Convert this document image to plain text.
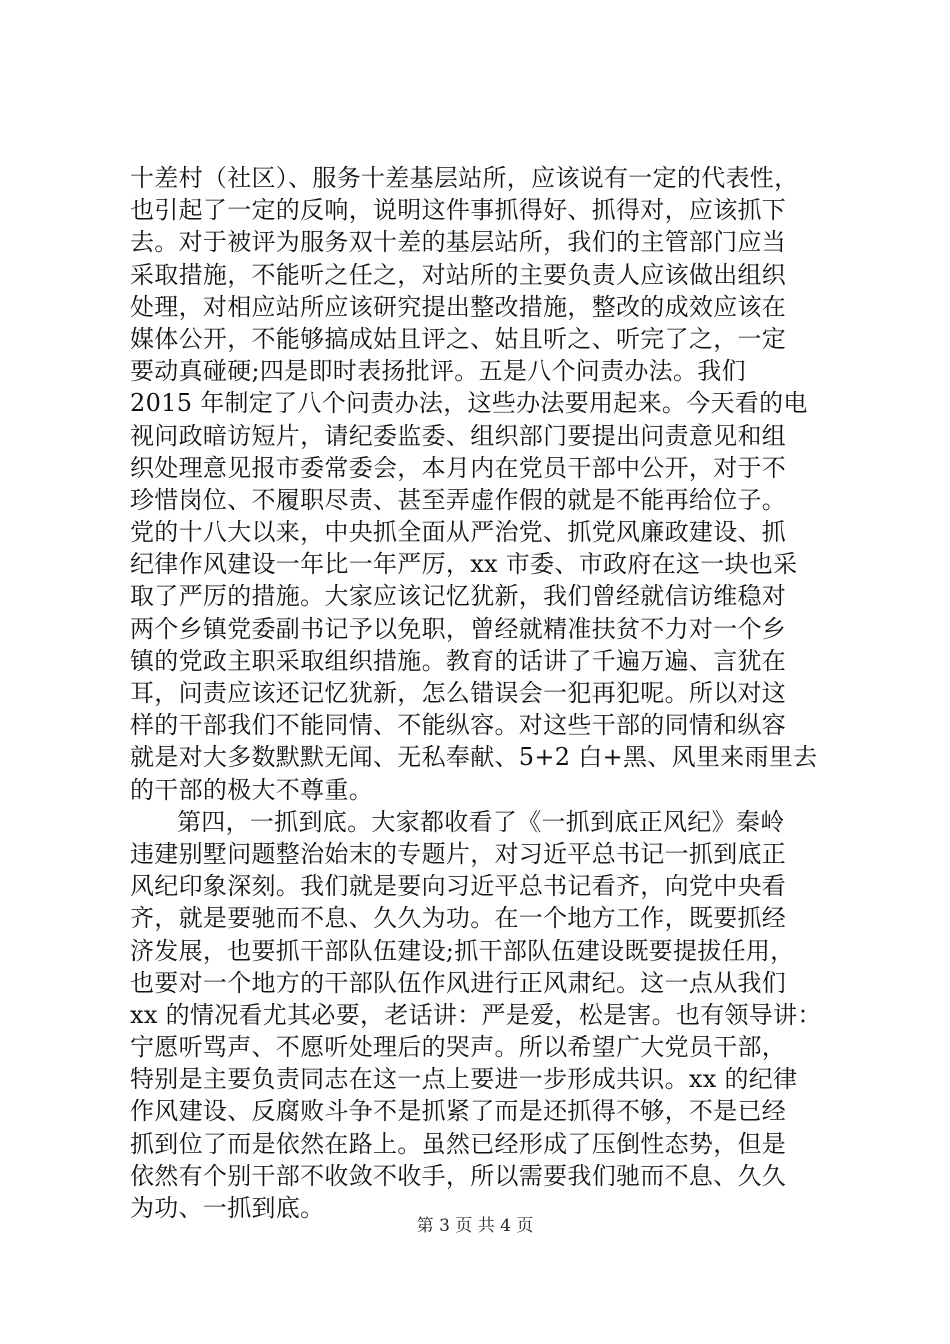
十差村（社区）、服务十差基层站所，应该说有一定的代表性，
也引起了一定的反响，说明这件事抓得好、抓得对，应该抓下
去。对于被评为服务双十差的基层站所，我们的主管部门应当
采取措施，不能听之任之，对站所的主要负责人应该做出组织
处理，对相应站所应该研究提出整改措施，整改的成效应该在
媒体公开，不能够搞成姑且评之、姑且听之、听完了之，一定
要动真碰硬;四是即时表扬批评。五是八个问责办法。我们
2015 年制定了八个问责办法，这些办法要用起来。今天看的电
视问政暗访短片，请纪委监委、组织部门要提出问责意见和组
织处理意见报市委常委会，本月内在党员干部中公开，对于不
珍惜岗位、不履职尽责、甚至弄虚作假的就是不能再给位子。
党的十八大以来，中央抓全面从严治党、抓党风廉政建设、抓
纪律作风建设一年比一年严厉，xx 市委、市政府在这一块也采
取了严厉的措施。大家应该记忆犹新，我们曾经就信访维稳对
两个乡镇党委副书记予以免职，曾经就精准扶贫不力对一个乡
镇的党政主职采取组织措施。教育的话讲了千遍万遍、言犹在
耳，问责应该还记忆犹新，怎么错误会一犯再犯呢。所以对这
样的干部我们不能同情、不能纵容。对这些干部的同情和纵容
就是对大多数默默无闻、无私奉献、5+2 白+黑、风里来雨里去
的干部的极大不尊重。
第四，一抓到底。大家都收看了《一抓到底正风纪》秦岭
违建别墅问题整治始末的专题片，对习近平总书记一抓到底正
风纪印象深刻。我们就是要向习近平总书记看齐，向党中央看
齐，就是要驰而不息、久久为功。在一个地方工作，既要抓经
济发展，也要抓干部队伍建设;抓干部队伍建设既要提拔任用，
也要对一个地方的干部队伍作风进行正风肃纪。这一点从我们
xx 的情况看尤其必要，老话讲：严是爱，松是害。也有领导讲：
宁愿听骂声、不愿听处理后的哭声。所以希望广大党员干部，
特别是主要负责同志在这一点上要进一步形成共识。xx 的纪律
作风建设、反腐败斗争不是抓紧了而是还抓得不够，不是已经
抓到位了而是依然在路上。虽然已经形成了压倒性态势，但是
依然有个别干部不收敛不收手，所以需要我们驰而不息、久久
为功、一抓到底。
第 3 页 共 4 页
